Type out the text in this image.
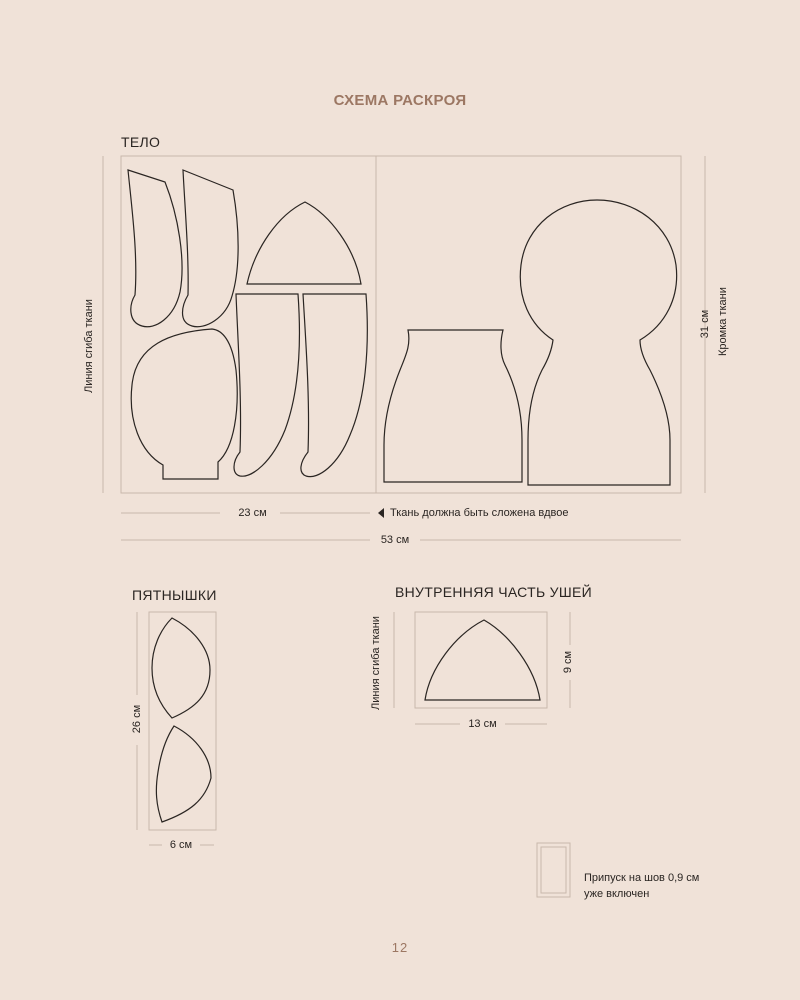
СХЕМА РАСКРОЯ
ТЕЛО
Линия сгиба ткани	31 см Кромка ткани
23 см	Ткань должна быть сложена вдвое
53 см
ПЯТНЫШКИ
26 см
6 см
ВНУТРЕННЯЯ ЧАСТЬ УШЕЙ
Линия сгиба ткани	9 см
13 см
Припуск на шов 0,9 см
уже включен
12
